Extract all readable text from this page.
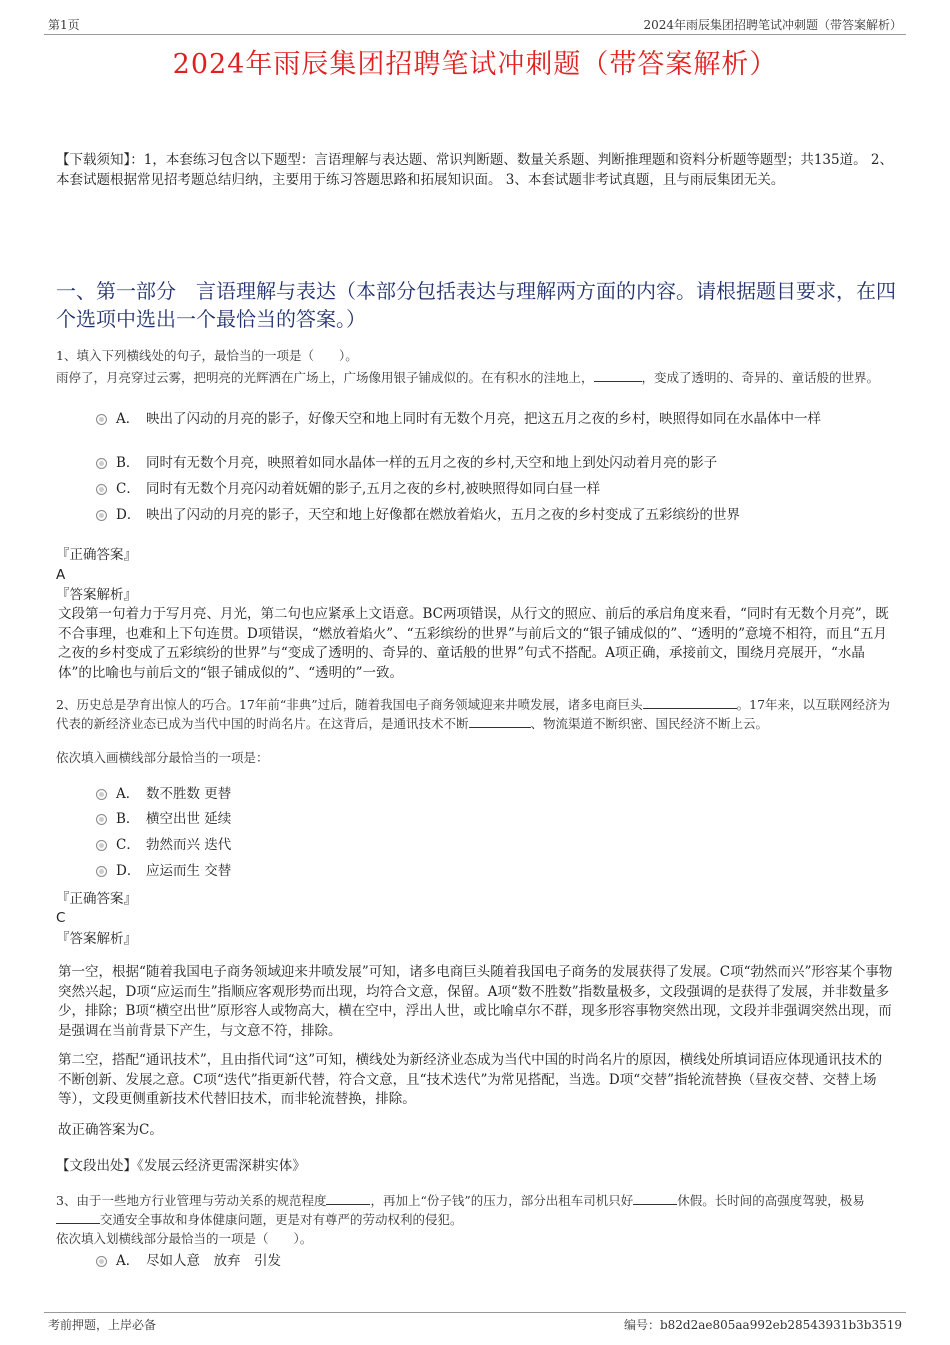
第1页	2024年雨辰集团招聘笔试冲刺题（带答案解析）
2024年雨辰集团招聘笔试冲刺题（带答案解析）
【下载须知】：1，本套练习包含以下题型：言语理解与表达题、常识判断题、数量关系题、判断推理题和资料分析题等题型；共135道。 2、本套试题根据常见招考题总结归纳，主要用于练习答题思路和拓展知识面。 3、本套试题非考试真题，且与雨辰集团无关。
一、第一部分　言语理解与表达（本部分包括表达与理解两方面的内容。请根据题目要求，在四个选项中选出一个最恰当的答案。）
1、填入下列横线处的句子，最恰当的一项是（　　）。
雨停了，月亮穿过云雾，把明亮的光辉洒在广场上，广场像用银子铺成似的。在有积水的洼地上，	，变成了透明的、奇异的、童话般的世界。
A． 映出了闪动的月亮的影子，好像天空和地上同时有无数个月亮，把这五月之夜的乡村，映照得如同在水晶体中一样
B． 同时有无数个月亮，映照着如同水晶体一样的五月之夜的乡村,天空和地上到处闪动着月亮的影子
C． 同时有无数个月亮闪动着妩媚的影子,五月之夜的乡村,被映照得如同白昼一样
D． 映出了闪动的月亮的影子，天空和地上好像都在燃放着焰火，五月之夜的乡村变成了五彩缤纷的世界
『正确答案』
A
『答案解析』
文段第一句着力于写月亮、月光，第二句也应紧承上文语意。BC两项错误，从行文的照应、前后的承启角度来看，“同时有无数个月亮”，既不合事理，也难和上下句连贯。D项错误，“燃放着焰火”、“五彩缤纷的世界”与前后文的“银子铺成似的”、“透明的”意境不相符，而且“五月之夜的乡村变成了五彩缤纷的世界”与“变成了透明的、奇异的、童话般的世界”句式不搭配。A项正确，承接前文，围绕月亮展开，“水晶体”的比喻也与前后文的“银子铺成似的”、“透明的”一致。
2、历史总是孕育出惊人的巧合。17年前“非典”过后，随着我国电子商务领域迎来井喷发展，诸多电商巨头	。17年来，以互联网经济为代表的新经济业态已成为当代中国的时尚名片。在这背后，是通讯技术不断	、物流渠道不断织密、国民经济不断上云。
依次填入画横线部分最恰当的一项是：
A． 数不胜数 更替
B． 横空出世 延续
C． 勃然而兴 迭代
D． 应运而生 交替
『正确答案』
C
『答案解析』
第一空，根据“随着我国电子商务领域迎来井喷发展”可知，诸多电商巨头随着我国电子商务的发展获得了发展。C项“勃然而兴”形容某个事物突然兴起，D项“应运而生”指顺应客观形势而出现，均符合文意，保留。A项“数不胜数”指数量极多，文段强调的是获得了发展，并非数量多少，排除；B项“横空出世”原形容人或物高大，横在空中，浮出人世，或比喻卓尔不群，现多形容事物突然出现，文段并非强调突然出现，而是强调在当前背景下产生，与文意不符，排除。
第二空，搭配“通讯技术”，且由指代词“这”可知，横线处为新经济业态成为当代中国的时尚名片的原因，横线处所填词语应体现通讯技术的不断创新、发展之意。C项“迭代”指更新代替，符合文意，且“技术迭代”为常见搭配，当选。D项“交替”指轮流替换（昼夜交替、交替上场等），文段更侧重新技术代替旧技术，而非轮流替换，排除。
故正确答案为C。
【文段出处】《发展云经济更需深耕实体》
3、由于一些地方行业管理与劳动关系的规范程度	，再加上“份子钱”的压力，部分出租车司机只好	休假。长时间的高强度驾驶，极易交通安全事故和身体健康问题，更是对有尊严的劳动权利的侵犯。
依次填入划横线部分最恰当的一项是（　　）。
A． 尽如人意　放弃　引发
考前押题，上岸必备	编号：b82d2ae805aa992eb28543931b3b3519
